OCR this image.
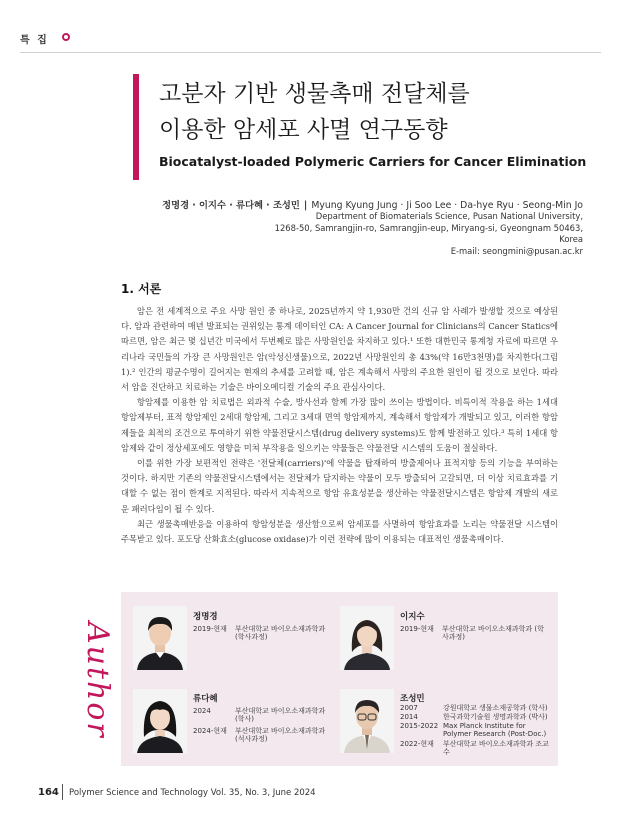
특 집
고분자 기반 생물촉매 전달체를
이용한 암세포 사멸 연구동향
Biocatalyst-loaded Polymeric Carriers for Cancer Elimination
정명경 · 이지수 · 류다혜 · 조성민 | Myung Kyung Jung · Ji Soo Lee · Da-hye Ryu · Seong-Min Jo
Department of Biomaterials Science, Pusan National University,
1268-50, Samrangjin-ro, Samrangjin-eup, Miryang-si, Gyeongnam 50463, Korea
E-mail: seongmini@pusan.ac.kr
1. 서론

암은 전 세계적으로 주요 사망 원인 중 하나로, 2025년까지 약 1,930만 건의 신규 암 사례가 발생할 것으로 예상된다. 암과 관련하여 매년 발표되는 권위있는 통계 데이터인 CA: A Cancer Journal for Clinicians의 Cancer Statics에 따르면, 암은 최근 몇 십년간 미국에서 두번째로 많은 사망원인을 차지하고 있다.¹ 또한 대한민국 통계청 자료에 따르면 우리나라 국민들의 가장 큰 사망원인은 암(악성신생물)으로, 2022년 사망원인의 총 43%(약 16만3천명)를 차지한다(그림 1).² 인간의 평균수명이 길어지는 현재의 추세를 고려할 때, 암은 계속해서 사망의 주요한 원인이 될 것으로 보인다. 따라서 암을 진단하고 치료하는 기술은 바이오메디컬 기술의 주요 관심사이다.

항암제를 이용한 암 치료법은 외과적 수술, 방사선과 함께 가장 많이 쓰이는 방법이다. 비특이적 작용을 하는 1세대 항암제부터, 표적 항암제인 2세대 항암제, 그리고 3세대 면역 항암제까지, 계속해서 항암제가 개발되고 있고, 이러한 항암제들을 최적의 조건으로 투여하기 위한 약물전달시스템(drug delivery systems)도 함께 발전하고 있다.³ 특히 1세대 항암제와 같이 정상세포에도 영향을 미쳐 부작용을 일으키는 약물들은 약물전달 시스템의 도움이 절실하다.

이를 위한 가장 보편적인 전략은 '전달체(carriers)'에 약물을 탑재하여 방출제어나 표적지향 등의 기능을 부여하는 것이다. 하지만 기존의 약물전달시스템에서는 전달체가 담지하는 약물이 모두 방출되어 고갈되면, 더 이상 치료효과를 기대할 수 없는 점이 한계로 지적된다. 따라서 지속적으로 항암 유효성분을 생산하는 약물전달시스템은 항암제 개발의 새로운 패러다임이 될 수 있다.

최근 생물촉매반응을 이용하여 항암성분을 생산함으로써 암세포를 사멸하여 항암효과를 노리는 약물전달 시스템이 주목받고 있다. 포도당 산화효소(glucose oxidase)가 이런 전략에 많이 이용되는 대표적인 생물촉매이다.

Author
정명경
2019-현재 부산대학교 바이오소재과학과 (학사과정)
이지수
2019-현재 부산대학교 바이오소재과학과 (학사과정)
류다혜
2024	부산대학교 바이오소재과학과 (학사)
2024-현재 부산대학교 바이오소재과학과 (석사과정)
조성민
2007	강원대학교 생물소재공학과 (학사)
2014	한국과학기술원 생명과학과 (박사)
2015-2022 Max Planck Institute for Polymer Research (Post-Doc.)
2022-현재 부산대학교 바이오소재과학과 조교수
164 Polymer Science and Technology Vol. 35, No. 3, June 2024
